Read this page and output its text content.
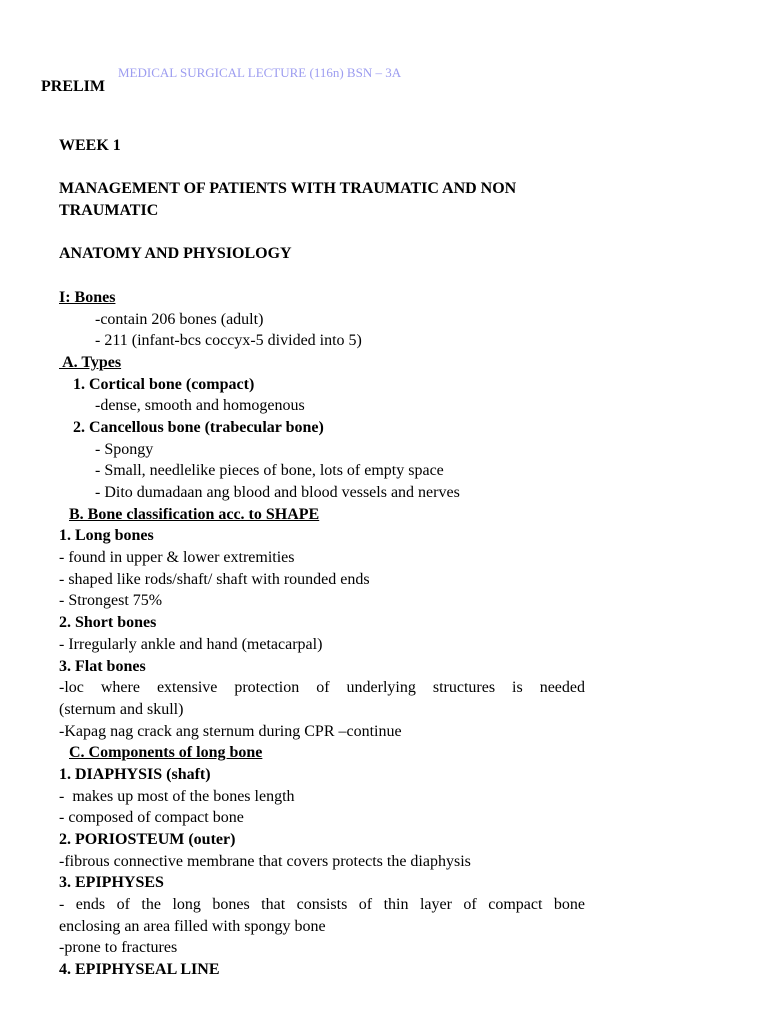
MEDICAL SURGICAL LECTURE (116n) BSN – 3A
PRELIM
WEEK 1
MANAGEMENT OF PATIENTS WITH TRAUMATIC AND NON
TRAUMATIC
ANATOMY AND PHYSIOLOGY
I: Bones
-contain 206 bones (adult)
- 211 (infant-bcs coccyx-5 divided into 5)
A. Types
1. Cortical bone (compact)
-dense, smooth and homogenous
2. Cancellous bone (trabecular bone)
- Spongy
- Small, needlelike pieces of bone, lots of empty space
- Dito dumadaan ang blood and blood vessels and nerves
B. Bone classification acc. to SHAPE
1. Long bones
- found in upper & lower extremities
- shaped like rods/shaft/ shaft with rounded ends
- Strongest 75%
2. Short bones
- Irregularly ankle and hand (metacarpal)
3. Flat bones
-loc where extensive protection of underlying structures is needed
(sternum and skull)
-Kapag nag crack ang sternum during CPR –continue
C. Components of long bone
1. DIAPHYSIS (shaft)
-  makes up most of the bones length
- composed of compact bone
2. PORIOSTEUM (outer)
-fibrous connective membrane that covers protects the diaphysis
3. EPIPHYSES
- ends of the long bones that consists of thin layer of compact bone
enclosing an area filled with spongy bone
-prone to fractures
4. EPIPHYSEAL LINE
